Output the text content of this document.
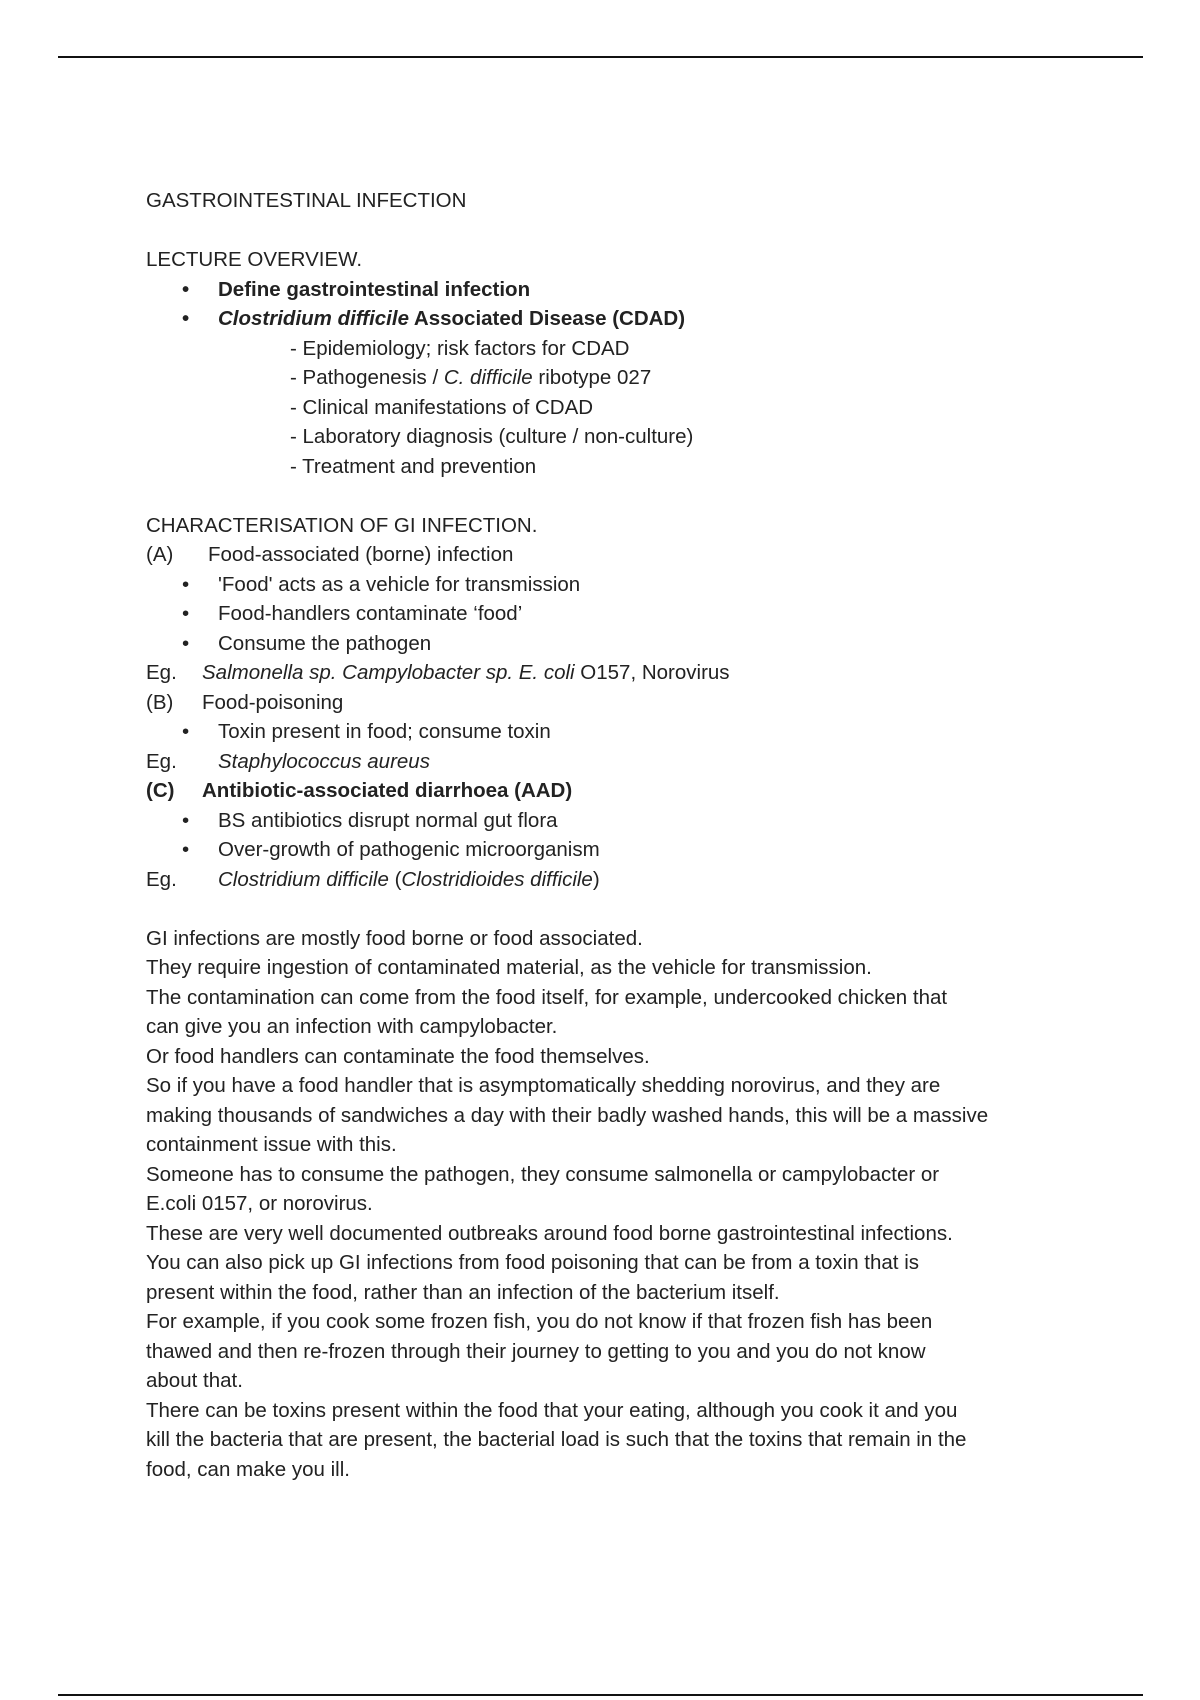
GASTROINTESTINAL INFECTION
LECTURE OVERVIEW.
• Define gastrointestinal infection
• Clostridium difficile Associated Disease (CDAD)
- Epidemiology; risk factors for CDAD
- Pathogenesis / C. difficile ribotype 027
- Clinical manifestations of CDAD
- Laboratory diagnosis (culture / non-culture)
- Treatment and prevention
CHARACTERISATION OF GI INFECTION.
(A) Food-associated (borne) infection
• 'Food' acts as a vehicle for transmission
• Food-handlers contaminate ‘food’
• Consume the pathogen
Eg. Salmonella sp. Campylobacter sp. E. coli O157, Norovirus
(B) Food-poisoning
• Toxin present in food; consume toxin
Eg. Staphylococcus aureus
(C) Antibiotic-associated diarrhoea (AAD)
• BS antibiotics disrupt normal gut flora
• Over-growth of pathogenic microorganism
Eg. Clostridium difficile (Clostridioides difficile)
GI infections are mostly food borne or food associated.
They require ingestion of contaminated material, as the vehicle for transmission.
The contamination can come from the food itself, for example, undercooked chicken that
can give you an infection with campylobacter.
Or food handlers can contaminate the food themselves.
So if you have a food handler that is asymptomatically shedding norovirus, and they are
making thousands of sandwiches a day with their badly washed hands, this will be a massive
containment issue with this.
Someone has to consume the pathogen, they consume salmonella or campylobacter or
E.coli 0157, or norovirus.
These are very well documented outbreaks around food borne gastrointestinal infections.
You can also pick up GI infections from food poisoning that can be from a toxin that is
present within the food, rather than an infection of the bacterium itself.
For example, if you cook some frozen fish, you do not know if that frozen fish has been
thawed and then re-frozen through their journey to getting to you and you do not know
about that.
There can be toxins present within the food that your eating, although you cook it and you
kill the bacteria that are present, the bacterial load is such that the toxins that remain in the
food, can make you ill.
